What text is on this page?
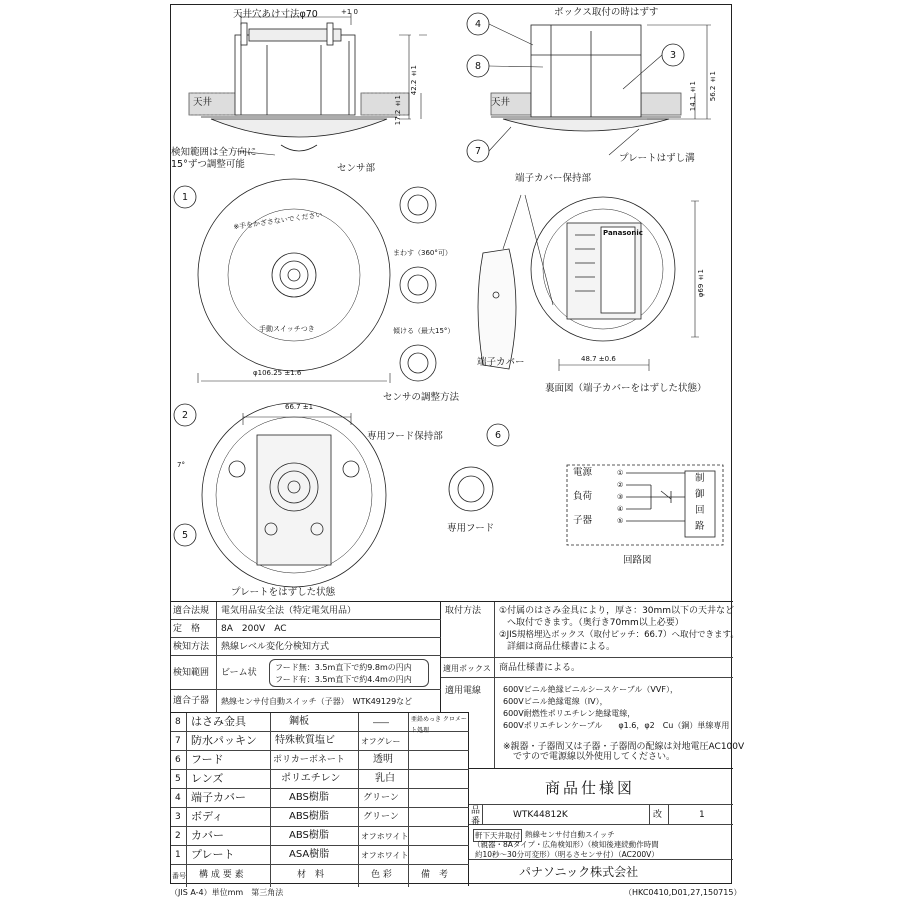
天井穴あけ寸法φ70	+1 0
天井	17.2 ±1
42.2 ±1
検知範囲は全方向に
15°ずつ調整可能	センサ部
ボックス取付の時はずす
天井	14.1 ±1 56.2 ±1
プレートはずし溝
4
8
3
7
1
※手をかざさないでください
手動スイッチつき
φ106.25 ±1.6
まわす（360°可）
傾ける（最大15°）
センサの調整方法
端子カバー保持部
端子カバー
φ69 ±1
48.7 ±0.6
裏面図（端子カバーをはずした状態）
Panasonic
2
5
66.7 ±1
7°
専用フード保持部
プレートをはずした状態
6
専用フード
電源
負荷
子器
①
②
③
④
⑤
制
御
回
路
回路図
適合法規 電気用品安全法（特定電気用品）
定　格 8A　200V　AC
検知方法 熱線レベル変化分検知方式
検知範囲 ビーム状
フード無：3.5m直下で約9.8mの円内
フード有：3.5m直下で約4.4mの円内
適合子器 熱線センサ付自動スイッチ（子器）　WTK49129など
取付方法 ①付属のはさみ金具により，厚さ：30mm以下の天井など
へ取付できます。（奥行き70mm以上必要）
②JIS規格埋込ボックス（取付ピッチ：66.7）へ取付できます。
詳細は商品仕様書による。
適用ボックス 商品仕様書による。
適用電線	600Vビニル絶縁ビニルシースケーブル（VVF），
600Vビニル絶縁電線（IV），
600V耐燃性ポリエチレン絶縁電線，
600Vポリエチレンケーブル　　φ1.6，φ2　Cu（銅）単線専用
※親器・子器間又は子器・子器間の配線は対地電圧AC100V
ですので電源線以外使用してください。
8 はさみ金具	鋼板	――	亜鉛めっき クロメート処理
7 防水パッキン 特殊軟質塩ビ	オフグレー
6 フード	ポリカーボネート	透明
5 レンズ	ポリエチレン	乳白
4 端子カバー	ABS樹脂	グリーン
3 ボディ	ABS樹脂	グリーン
2 カバー	ABS樹脂	オフホワイト
1 プレート	ASA樹脂	オフホワイト
番号 構 成 要 素	材　料	色 彩	備　考
商品仕様図
品番
WTK44812K	改	1
軒下天井取付 熱線センサ付自動スイッチ
（親器・8Aタイプ・広角検知形）（検知後連続動作時間
約10秒～30分可変形）（明るさセンサ付）（AC200V）
パナソニック株式会社
（JIS A-4）単位mm　第三角法	（HKC0410,D01,27,150715）
